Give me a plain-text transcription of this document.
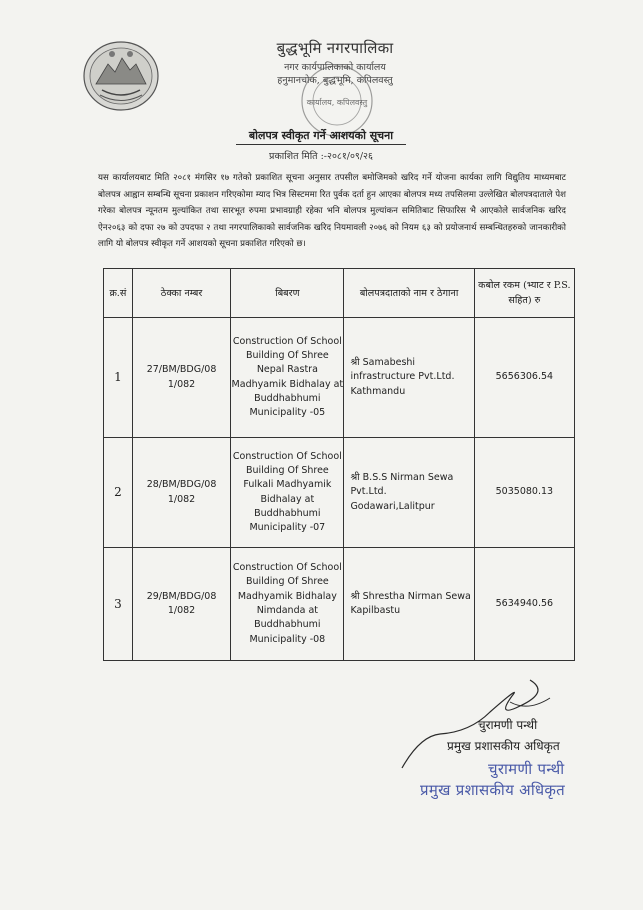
बुद्धभूमि नगरपालिका
नगर कार्यपालिकाको कार्यालय
हनुमानचोक, बुद्धभूमि, कपिलवस्तु
कार्यालय, कपिलवस्तु
बोलपत्र स्वीकृत गर्ने आशयको सूचना
प्रकाशित मिति :-२०८१/०९/२६
यस कार्यालयबाट मिति २०८१ मंगसिर १७ गतेको प्रकाशित सूचना अनुसार तपसील बमोजिमको खरिद गर्ने योजना कार्यका लागि विद्युतिय माध्यमबाट बोलपत्र आह्वान सम्बन्धि सूचना प्रकाशन गरिएकोमा म्याद भित्र सिस्टममा रित पुर्वक दर्ता हुन आएका बोलपत्र मध्य तपसिलमा उल्लेखित बोलपत्रदाताले पेश गरेका बोलपत्र न्यूनतम मुल्यांकित तथा सारभूत रुपमा प्रभावग्राही रहेका भनि बोलपत्र मुल्यांकन समितिबाट सिफारिस भै आएकोले सार्वजनिक खरिद ऐन२०६३ को दफा २७ को उपदफा २ तथा नगरपालिकाको सार्वजनिक खरिद नियमावली २०७६ को नियम ६३ को प्रयोजनार्थ सम्बन्धितहरुको जानकारीको लागि यो बोलपत्र स्वीकृत गर्ने आशयको सूचना प्रकाशित गरिएको छ।
क्र.सं	ठेक्का नम्बर	बिबरण	बोलपत्रदाताको नाम र ठेगाना	कबोल रकम (भ्याट र P.S. सहित) रु
1	27/BM/BDG/08 1/082	Construction Of School Building Of Shree Nepal Rastra Madhyamik Bidhalay at Buddhabhumi Municipality -05	श्री Samabeshi infrastructure Pvt.Ltd. Kathmandu	5656306.54
2	28/BM/BDG/08 1/082	Construction Of School Building Of Shree Fulkali Madhyamik Bidhalay at Buddhabhumi Municipality -07	श्री B.S.S Nirman Sewa Pvt.Ltd. Godawari,Lalitpur	5035080.13
3	29/BM/BDG/08 1/082	Construction Of School Building Of Shree Madhyamik Bidhalay Nimdanda at Buddhabhumi Municipality -08	श्री Shrestha Nirman Sewa Kapilbastu	5634940.56
चुरामणी पन्थी
प्रमुख प्रशासकीय अधिकृत
चुरामणी पन्थी
प्रमुख प्रशासकीय अधिकृत
